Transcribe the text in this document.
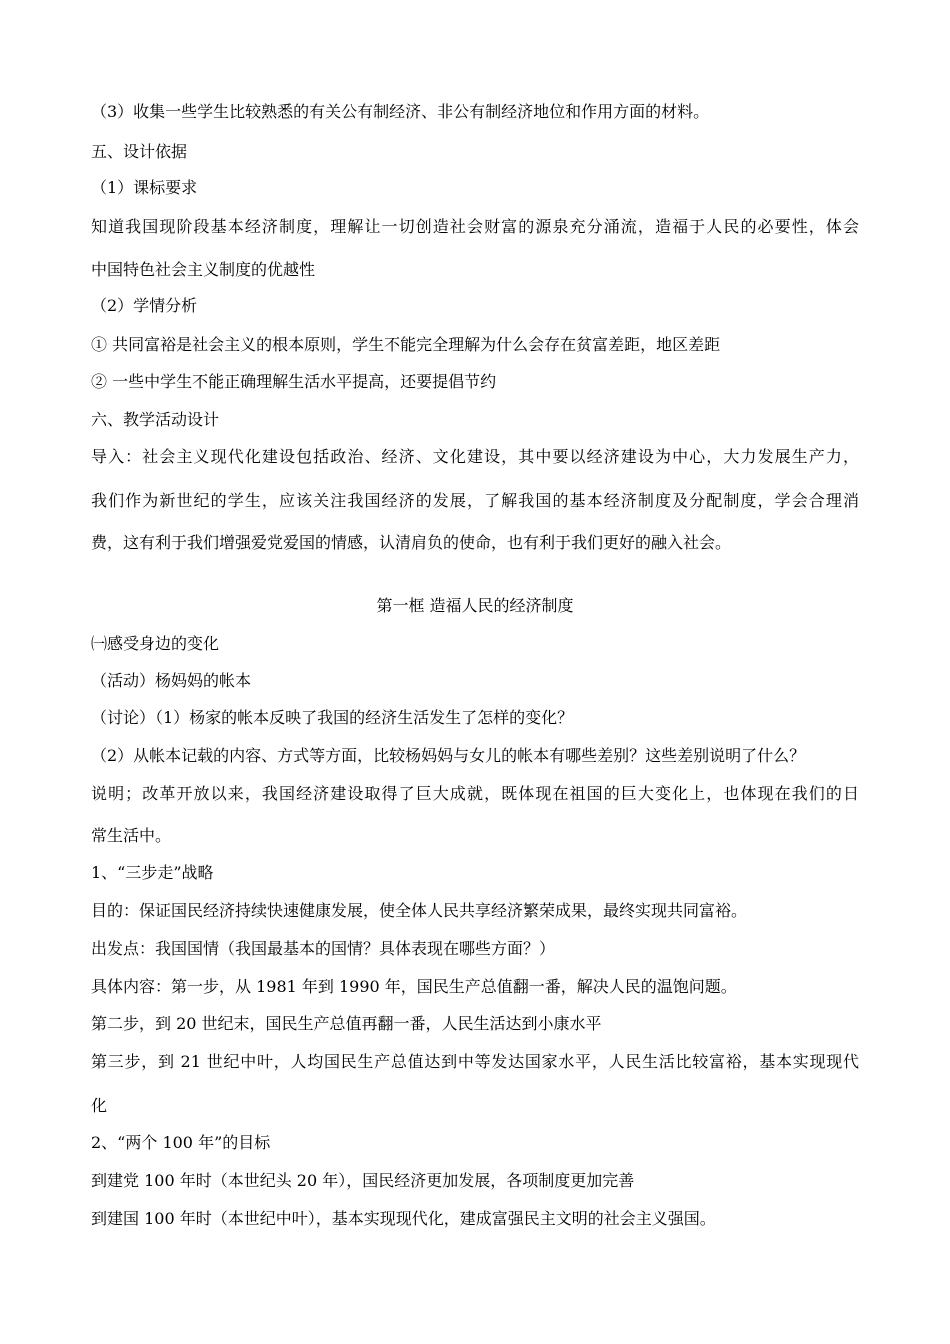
（3）收集一些学生比较熟悉的有关公有制经济、非公有制经济地位和作用方面的材料。
五、设计依据
（1）课标要求
知道我国现阶段基本经济制度，理解让一切创造社会财富的源泉充分涌流，造福于人民的必要性，体会
中国特色社会主义制度的优越性
（2）学情分析
① 共同富裕是社会主义的根本原则，学生不能完全理解为什么会存在贫富差距，地区差距
② 一些中学生不能正确理解生活水平提高，还要提倡节约
六、教学活动设计
导入：社会主义现代化建设包括政治、经济、文化建设，其中要以经济建设为中心，大力发展生产力，
我们作为新世纪的学生，应该关注我国经济的发展，了解我国的基本经济制度及分配制度，学会合理消
费，这有利于我们增强爱党爱国的情感，认清肩负的使命，也有利于我们更好的融入社会。
第一框 造福人民的经济制度
㈠感受身边的变化
（活动）杨妈妈的帐本
（讨论）（1）杨家的帐本反映了我国的经济生活发生了怎样的变化？
（2）从帐本记载的内容、方式等方面，比较杨妈妈与女儿的帐本有哪些差别？这些差别说明了什么？
说明；改革开放以来，我国经济建设取得了巨大成就，既体现在祖国的巨大变化上，也体现在我们的日
常生活中。
1、“三步走”战略
目的：保证国民经济持续快速健康发展，使全体人民共享经济繁荣成果，最终实现共同富裕。
出发点：我国国情（我国最基本的国情？具体表现在哪些方面？）
具体内容：第一步，从 1981 年到 1990 年，国民生产总值翻一番，解决人民的温饱问题。
第二步，到 20 世纪末，国民生产总值再翻一番，人民生活达到小康水平
第三步，到 21 世纪中叶，人均国民生产总值达到中等发达国家水平，人民生活比较富裕，基本实现现代
化
2、“两个 100 年”的目标
到建党 100 年时（本世纪头 20 年），国民经济更加发展，各项制度更加完善
到建国 100 年时（本世纪中叶），基本实现现代化，建成富强民主文明的社会主义强国。
